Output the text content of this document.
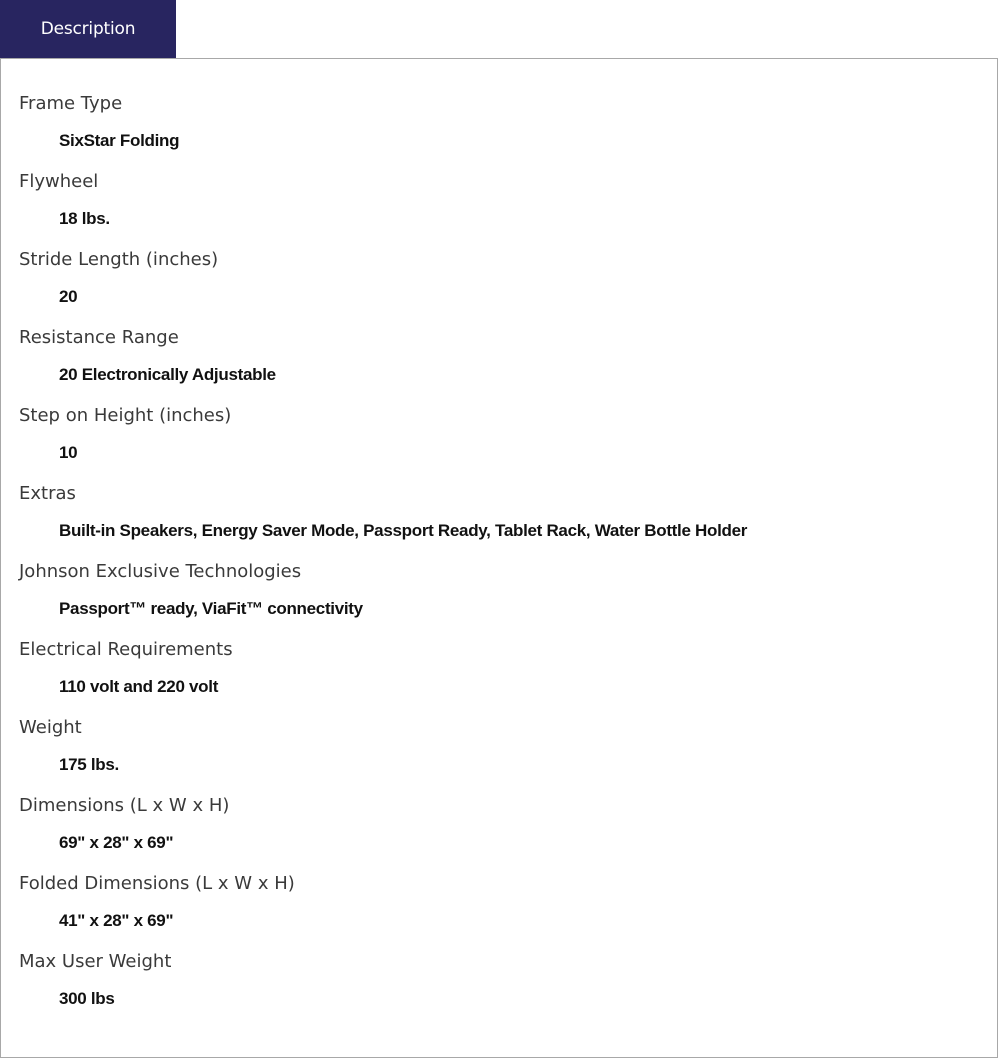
Description
Frame Type
SixStar Folding
Flywheel
18 lbs.
Stride Length (inches)
20
Resistance Range
20 Electronically Adjustable
Step on Height (inches)
10
Extras
Built-in Speakers, Energy Saver Mode, Passport Ready, Tablet Rack, Water Bottle Holder
Johnson Exclusive Technologies
Passport™ ready, ViaFit™ connectivity
Electrical Requirements
110 volt and 220 volt
Weight
175 lbs.
Dimensions (L x W x H)
69" x 28" x 69"
Folded Dimensions (L x W x H)
41" x 28" x 69"
Max User Weight
300 lbs
